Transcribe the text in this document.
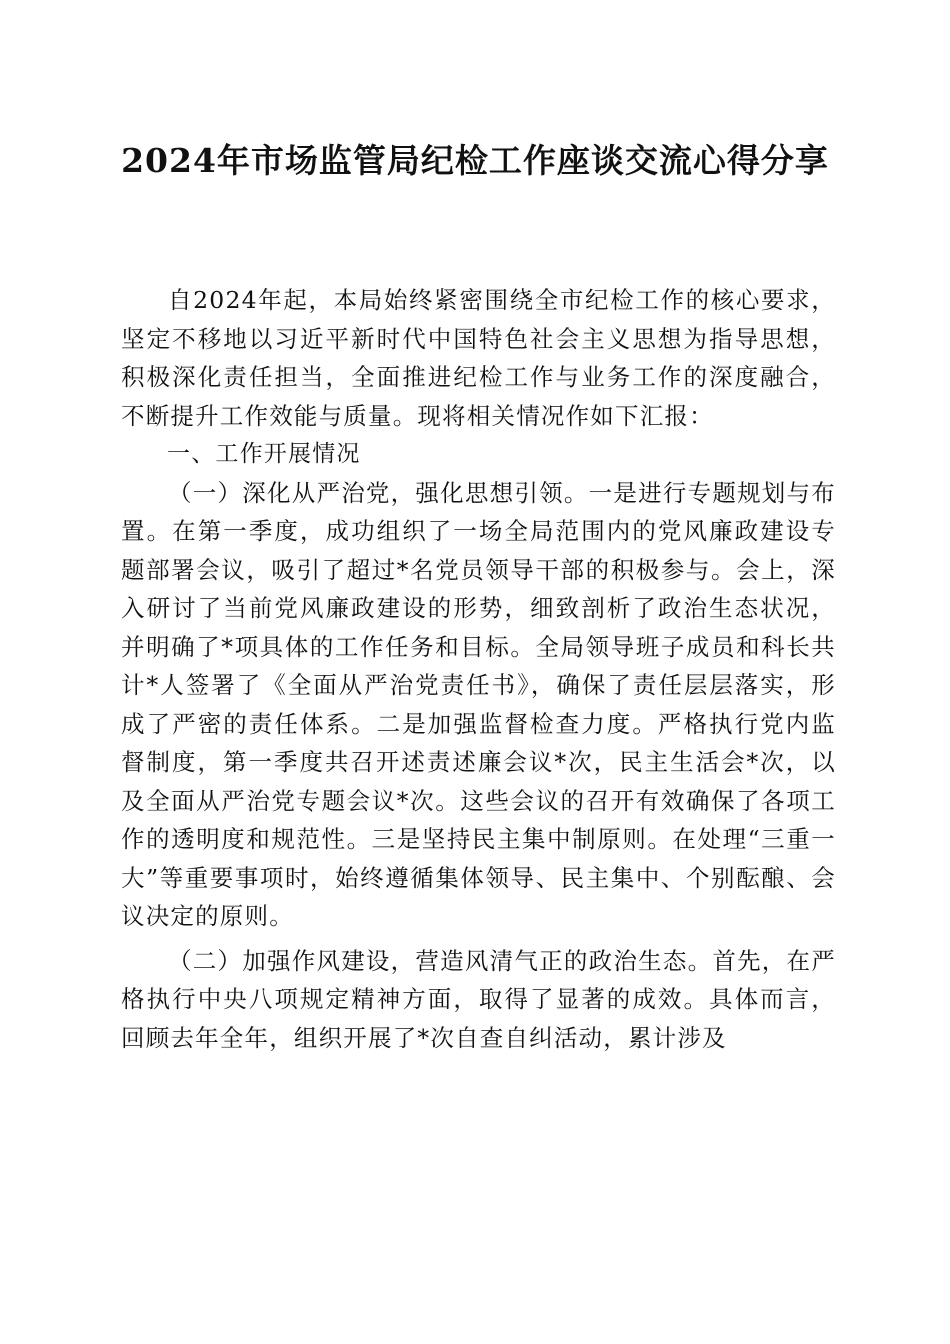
2024年市场监管局纪检工作座谈交流心得分享

自2024年起，本局始终紧密围绕全市纪检工作的核心要求，坚定不移地以习近平新时代中国特色社会主义思想为指导思想，积极深化责任担当，全面推进纪检工作与业务工作的深度融合，不断提升工作效能与质量。现将相关情况作如下汇报：

一、工作开展情况

（一）深化从严治党，强化思想引领。一是进行专题规划与布置。在第一季度，成功组织了一场全局范围内的党风廉政建设专题部署会议，吸引了超过*名党员领导干部的积极参与。会上，深入研讨了当前党风廉政建设的形势，细致剖析了政治生态状况，并明确了*项具体的工作任务和目标。全局领导班子成员和科长共计*人签署了《全面从严治党责任书》，确保了责任层层落实，形成了严密的责任体系。二是加强监督检查力度。严格执行党内监督制度，第一季度共召开述责述廉会议*次，民主生活会*次，以及全面从严治党专题会议*次。这些会议的召开有效确保了各项工作的透明度和规范性。三是坚持民主集中制原则。在处理“三重一大”等重要事项时，始终遵循集体领导、民主集中、个别酝酿、会议决定的原则。

（二）加强作风建设，营造风清气正的政治生态。首先，在严格执行中央八项规定精神方面，取得了显著的成效。具体而言，回顾去年全年，组织开展了*次自查自纠活动，累计涉及
